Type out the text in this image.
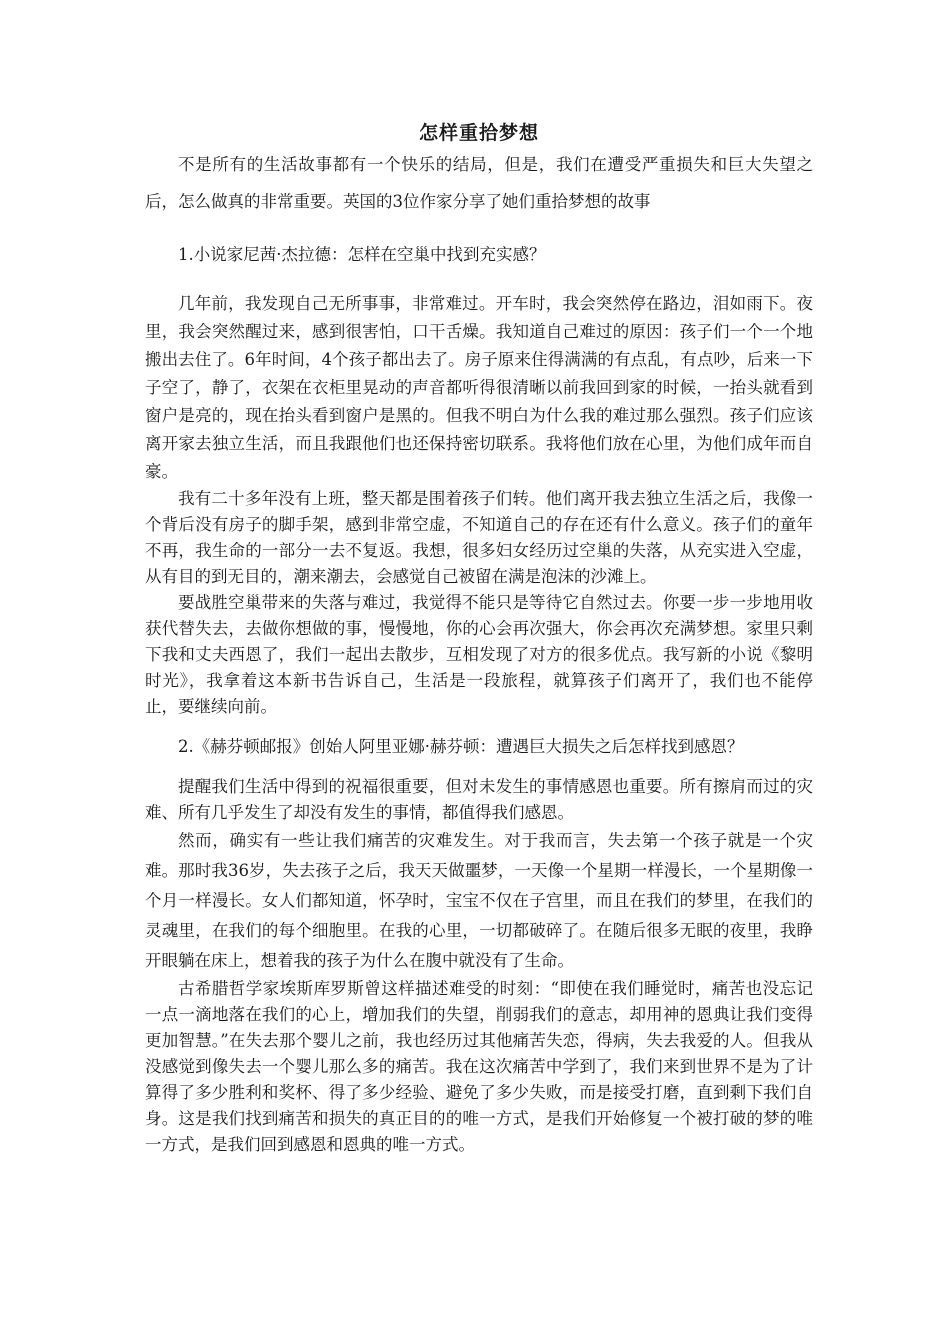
怎样重拾梦想

不是所有的生活故事都有一个快乐的结局，但是，我们在遭受严重损失和巨大失望之后，怎么做真的非常重要。英国的3位作家分享了她们重拾梦想的故事

1.小说家尼茜·杰拉德：怎样在空巢中找到充实感？

几年前，我发现自己无所事事，非常难过。开车时，我会突然停在路边，泪如雨下。夜里，我会突然醒过来，感到很害怕，口干舌燥。我知道自己难过的原因：孩子们一个一个地搬出去住了。6年时间，4个孩子都出去了。房子原来住得满满的有点乱，有点吵，后来一下子空了，静了，衣架在衣柜里晃动的声音都听得很清晰以前我回到家的时候，一抬头就看到窗户是亮的，现在抬头看到窗户是黑的。但我不明白为什么我的难过那么强烈。孩子们应该离开家去独立生活，而且我跟他们也还保持密切联系。我将他们放在心里，为他们成年而自豪。

我有二十多年没有上班，整天都是围着孩子们转。他们离开我去独立生活之后，我像一个背后没有房子的脚手架，感到非常空虚，不知道自己的存在还有什么意义。孩子们的童年不再，我生命的一部分一去不复返。我想，很多妇女经历过空巢的失落，从充实进入空虚，从有目的到无目的，潮来潮去，会感觉自己被留在满是泡沫的沙滩上。

要战胜空巢带来的失落与难过，我觉得不能只是等待它自然过去。你要一步一步地用收获代替失去，去做你想做的事，慢慢地，你的心会再次强大，你会再次充满梦想。家里只剩下我和丈夫西恩了，我们一起出去散步，互相发现了对方的很多优点。我写新的小说《黎明时光》，我拿着这本新书告诉自己，生活是一段旅程，就算孩子们离开了，我们也不能停止，要继续向前。

2.《赫芬顿邮报》创始人阿里亚娜·赫芬顿：遭遇巨大损失之后怎样找到感恩？

提醒我们生活中得到的祝福很重要，但对未发生的事情感恩也重要。所有擦肩而过的灾难、所有几乎发生了却没有发生的事情，都值得我们感恩。

然而，确实有一些让我们痛苦的灾难发生。对于我而言，失去第一个孩子就是一个灾难。那时我36岁，失去孩子之后，我天天做噩梦，一天像一个星期一样漫长，一个星期像一个月一样漫长。女人们都知道，怀孕时，宝宝不仅在子宫里，而且在我们的梦里，在我们的灵魂里，在我们的每个细胞里。在我的心里，一切都破碎了。在随后很多无眠的夜里，我睁开眼躺在床上，想着我的孩子为什么在腹中就没有了生命。

古希腊哲学家埃斯库罗斯曾这样描述难受的时刻：“即使在我们睡觉时，痛苦也没忘记一点一滴地落在我们的心上，增加我们的失望，削弱我们的意志，却用神的恩典让我们变得更加智慧。”在失去那个婴儿之前，我也经历过其他痛苦失恋，得病，失去我爱的人。但我从没感觉到像失去一个婴儿那么多的痛苦。我在这次痛苦中学到了，我们来到世界不是为了计算得了多少胜利和奖杯、得了多少经验、避免了多少失败，而是接受打磨，直到剩下我们自身。这是我们找到痛苦和损失的真正目的的唯一方式，是我们开始修复一个被打破的梦的唯一方式，是我们回到感恩和恩典的唯一方式。
